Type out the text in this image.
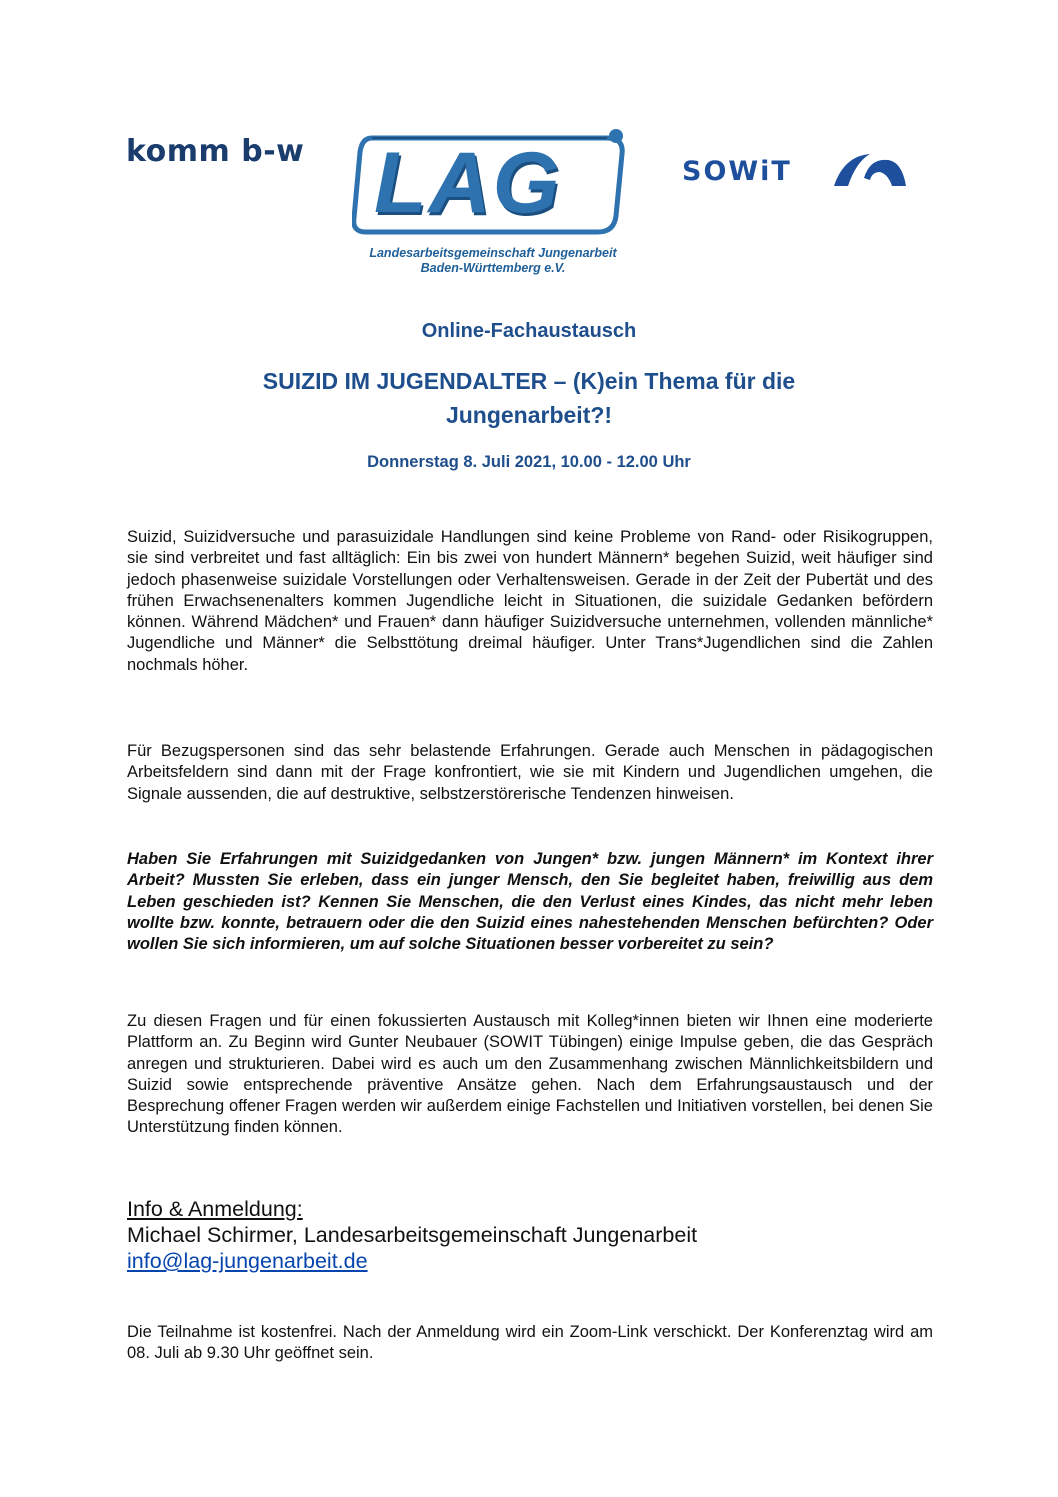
komm b-w LAG
Landesarbeitsgemeinschaft Jungenarbeit
Baden-Württemberg e.V.
SOWiT
Online-Fachaustausch
SUIZID IM JUGENDALTER – (K)ein Thema für die Jungenarbeit?!
Donnerstag 8. Juli 2021, 10.00 - 12.00 Uhr

Suizid, Suizidversuche und parasuizidale Handlungen sind keine Probleme von Rand- oder Risikogruppen, sie sind verbreitet und fast alltäglich: Ein bis zwei von hundert Männern* begehen Suizid, weit häufiger sind jedoch phasenweise suizidale Vorstellungen oder Verhaltensweisen. Gerade in der Zeit der Pubertät und des frühen Erwachsenenalters kommen Jugendliche leicht in Situationen, die suizidale Gedanken befördern können. Während Mädchen* und Frauen* dann häufiger Suizidversuche unternehmen, vollenden männliche* Jugendliche und Männer* die Selbsttötung dreimal häufiger. Unter Trans*Jugendlichen sind die Zahlen nochmals höher.

Für Bezugspersonen sind das sehr belastende Erfahrungen. Gerade auch Menschen in pädagogischen Arbeitsfeldern sind dann mit der Frage konfrontiert, wie sie mit Kindern und Jugendlichen umgehen, die Signale aussenden, die auf destruktive, selbstzerstörerische Tendenzen hinweisen.

Haben Sie Erfahrungen mit Suizidgedanken von Jungen* bzw. jungen Männern* im Kontext ihrer Arbeit? Mussten Sie erleben, dass ein junger Mensch, den Sie begleitet haben, freiwillig aus dem Leben geschieden ist? Kennen Sie Menschen, die den Verlust eines Kindes, das nicht mehr leben wollte bzw. konnte, betrauern oder die den Suizid eines nahestehenden Menschen befürchten? Oder wollen Sie sich informieren, um auf solche Situationen besser vorbereitet zu sein?

Zu diesen Fragen und für einen fokussierten Austausch mit Kolleg*innen bieten wir Ihnen eine moderierte Plattform an. Zu Beginn wird Gunter Neubauer (SOWIT Tübingen) einige Impulse geben, die das Gespräch anregen und strukturieren. Dabei wird es auch um den Zusammenhang zwischen Männlichkeitsbildern und Suizid sowie entsprechende präventive Ansätze gehen. Nach dem Erfahrungsaustausch und der Besprechung offener Fragen werden wir außerdem einige Fachstellen und Initiativen vorstellen, bei denen Sie Unterstützung finden können.

Info & Anmeldung:
Michael Schirmer, Landesarbeitsgemeinschaft Jungenarbeit
info@lag-jungenarbeit.de

Die Teilnahme ist kostenfrei. Nach der Anmeldung wird ein Zoom-Link verschickt. Der Konferenztag wird am 08. Juli ab 9.30 Uhr geöffnet sein.
